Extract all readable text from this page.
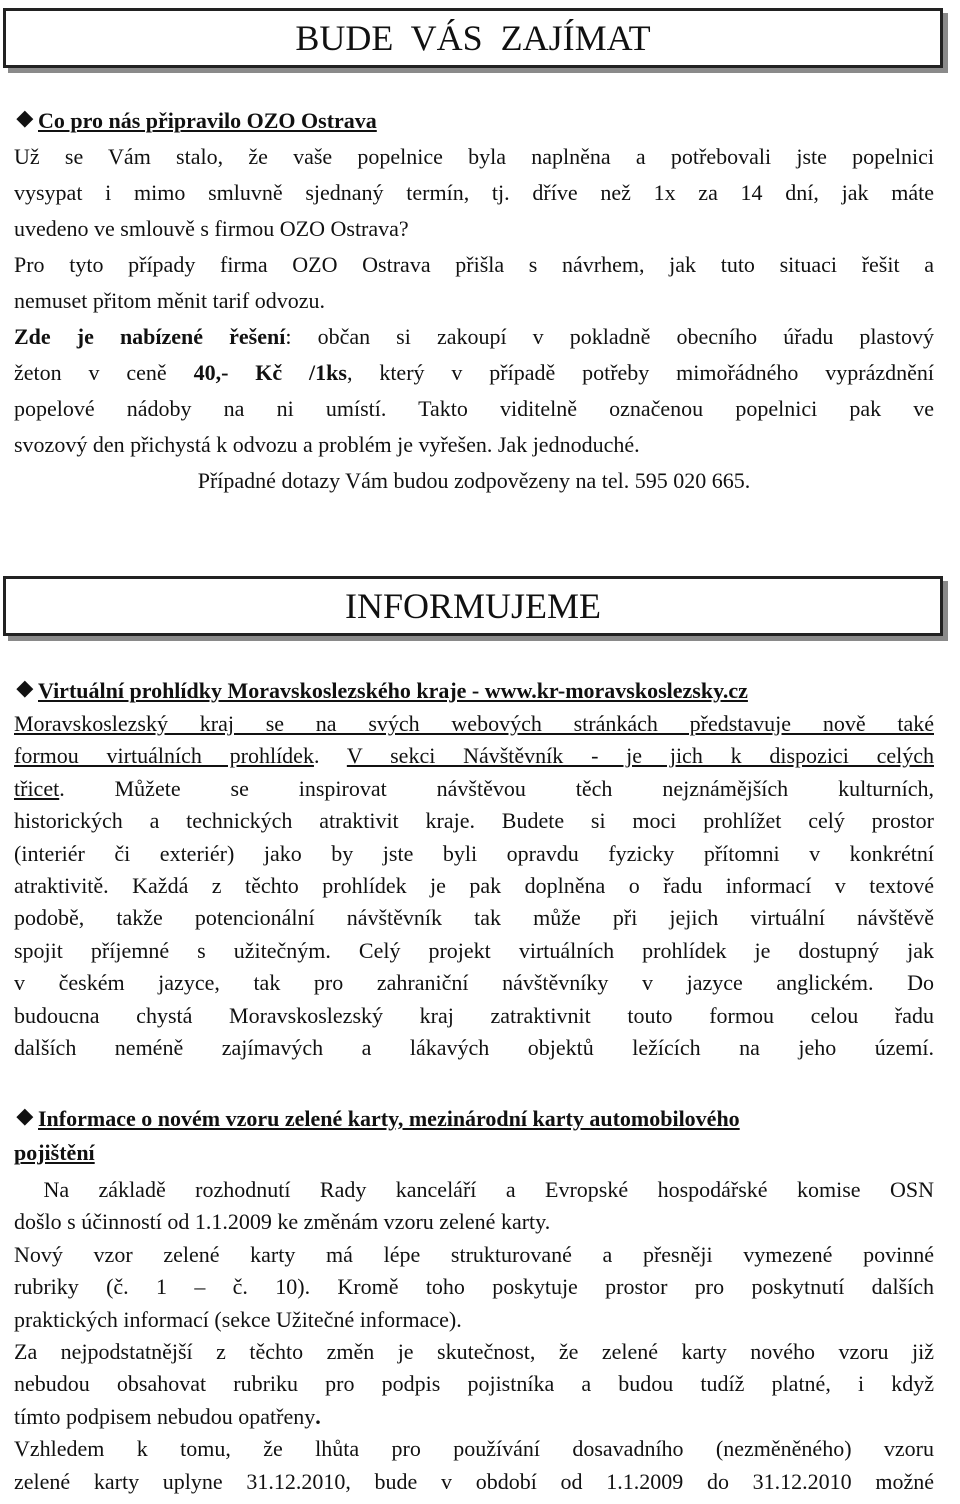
BUDE  VÁS  ZAJÍMAT
Co pro nás připravilo OZO Ostrava
Už se Vám stalo, že vaše popelnice byla naplněna a potřebovali jste popelnici
vysypat i mimo smluvně sjednaný termín, tj. dříve než 1x za 14 dní, jak máte
uvedeno ve smlouvě s firmou OZO Ostrava?
Pro tyto případy firma OZO Ostrava přišla s návrhem, jak tuto situaci řešit a
nemuset přitom měnit tarif odvozu.
Zde je nabízené řešení: občan si zakoupí v pokladně obecního úřadu plastový
žeton v ceně 40,- Kč /1ks, který v případě potřeby mimořádného vyprázdnění
popelové nádoby na ni umístí. Takto viditelně označenou popelnici pak ve
svozový den přichystá k odvozu a problém je vyřešen. Jak jednoduché.
Případné dotazy Vám budou zodpovězeny na tel. 595 020 665.
INFORMUJEME
Virtuální prohlídky Moravskoslezského kraje - www.kr-moravskoslezsky.cz
Moravskoslezský kraj se na svých webových stránkách představuje nově také
formou virtuálních prohlídek. V sekci Návštěvník - je jich k dispozici celých
třicet. Můžete se inspirovat návštěvou těch nejznámějších kulturních,
historických a technických atraktivit kraje. Budete si moci prohlížet celý prostor
(interiér či exteriér) jako by jste byli opravdu fyzicky přítomni v konkrétní
atraktivitě. Každá z těchto prohlídek je pak doplněna o řadu informací v textové
podobě, takže potencionální návštěvník tak může při jejich virtuální návštěvě
spojit příjemné s užitečným. Celý projekt virtuálních prohlídek je dostupný jak
v českém jazyce, tak pro zahraniční návštěvníky v jazyce anglickém. Do
budoucna chystá Moravskoslezský kraj zatraktivnit touto formou celou řadu
dalších neméně zajímavých a lákavých objektů ležících na jeho území.
Informace o novém vzoru zelené karty, mezinárodní karty automobilového
pojištění
Na základě rozhodnutí Rady kanceláří a Evropské hospodářské komise OSN
došlo s účinností od 1.1.2009 ke změnám vzoru zelené karty.
Nový vzor zelené karty má lépe strukturované a přesněji vymezené povinné
rubriky (č. 1 – č. 10). Kromě toho poskytuje prostor pro poskytnutí dalších
praktických informací (sekce Užitečné informace).
Za nejpodstatnější z těchto změn je skutečnost, že zelené karty nového vzoru již
nebudou obsahovat rubriku pro podpis pojistníka a budou tudíž platné, i když
tímto podpisem nebudou opatřeny.
Vzhledem k tomu, že lhůta pro používání dosavadního (nezměněného) vzoru
zelené karty uplyne 31.12.2010, bude v období od 1.1.2009 do 31.12.2010 možné
